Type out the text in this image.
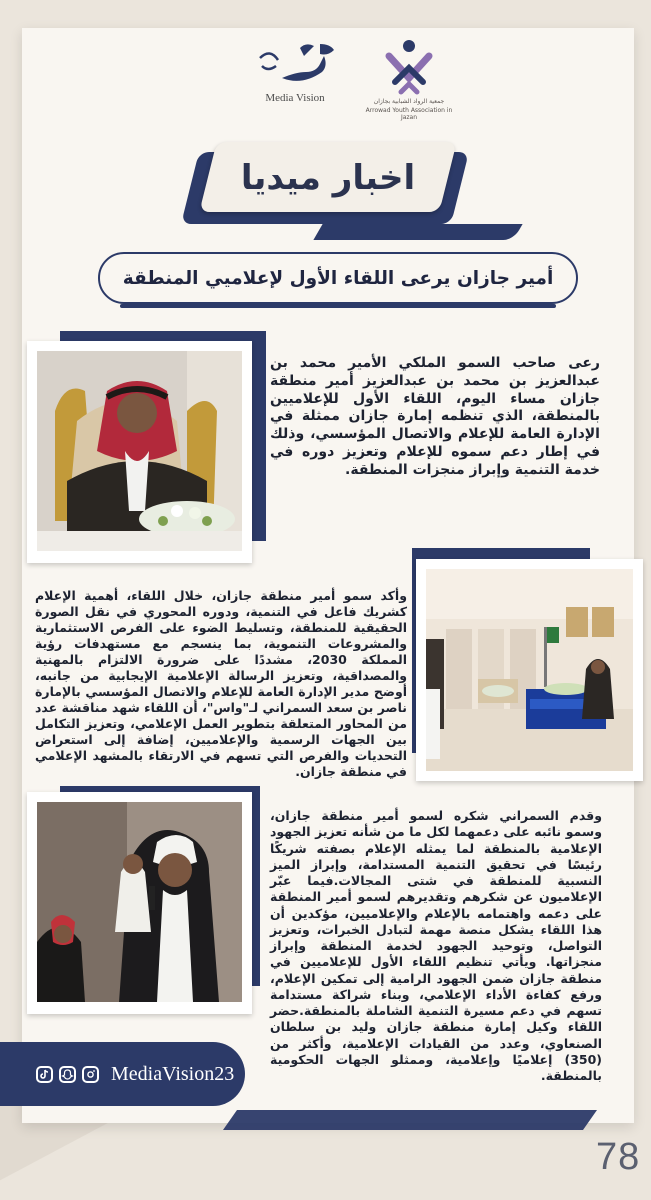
Media Vision	جمعية الرواد الشبابية بجازان
Arrowad Youth Association in Jazan
اخبار ميديا
أمير جازان يرعى اللقاء الأول لإعلاميي المنطقة
رعى صاحب السمو الملكي الأمير محمد بن عبدالعزيز بن محمد بن عبدالعزيز أمير منطقة جازان مساء اليوم، اللقاء الأول للإعلاميين بالمنطقة، الذي تنظمه إمارة جازان ممثلة في الإدارة العامة للإعلام والاتصال المؤسسي، وذلك في إطار دعم سموه للإعلام وتعزيز دوره في خدمة التنمية وإبراز منجزات المنطقة.
وأكد سمو أمير منطقة جازان، خلال اللقاء، أهمية الإعلام كشريك فاعل في التنمية، ودوره المحوري في نقل الصورة الحقيقية للمنطقة، وتسليط الضوء على الفرص الاستثمارية والمشروعات التنموية، بما ينسجم مع مستهدفات رؤية المملكة 2030، مشددًا على ضرورة الالتزام بالمهنية والمصداقية، وتعزيز الرسالة الإعلامية الإيجابية من جانبه، أوضح مدير الإدارة العامة للإعلام والاتصال المؤسسي بالإمارة ناصر بن سعد السمراني لـ"واس"، أن اللقاء شهد مناقشة عدد من المحاور المتعلقة بتطوير العمل الإعلامي، وتعزيز التكامل بين الجهات الرسمية والإعلاميين، إضافة إلى استعراض التحديات والفرص التي تسهم في الارتقاء بالمشهد الإعلامي في منطقة جازان.
وقدم السمراني شكره لسمو أمير منطقة جازان، وسمو نائبه على دعمهما لكل ما من شأنه تعزيز الجهود الإعلامية بالمنطقة لما يمثله الإعلام بصفته شريكًا رئيسًا في تحقيق التنمية المستدامة، وإبراز الميز النسبية للمنطقة في شتى المجالات.فيما عبّر الإعلاميون عن شكرهم وتقديرهم لسمو أمير المنطقة على دعمه واهتمامه بالإعلام والإعلاميين، مؤكدين أن هذا اللقاء يشكل منصة مهمة لتبادل الخبرات، وتعزيز التواصل، وتوحيد الجهود لخدمة المنطقة وإبراز منجزاتها. ويأتي تنظيم اللقاء الأول للإعلاميين في منطقة جازان ضمن الجهود الرامية إلى تمكين الإعلام، ورفع كفاءة الأداء الإعلامي، وبناء شراكة مستدامة تسهم في دعم مسيرة التنمية الشاملة بالمنطقة.حضر اللقاء وكيل إمارة منطقة جازان وليد بن سلطان الصنعاوي، وعدد من القيادات الإعلامية، وأكثر من (350) إعلاميًا وإعلامية، وممثلو الجهات الحكومية بالمنطقة.
MediaVision23
78
